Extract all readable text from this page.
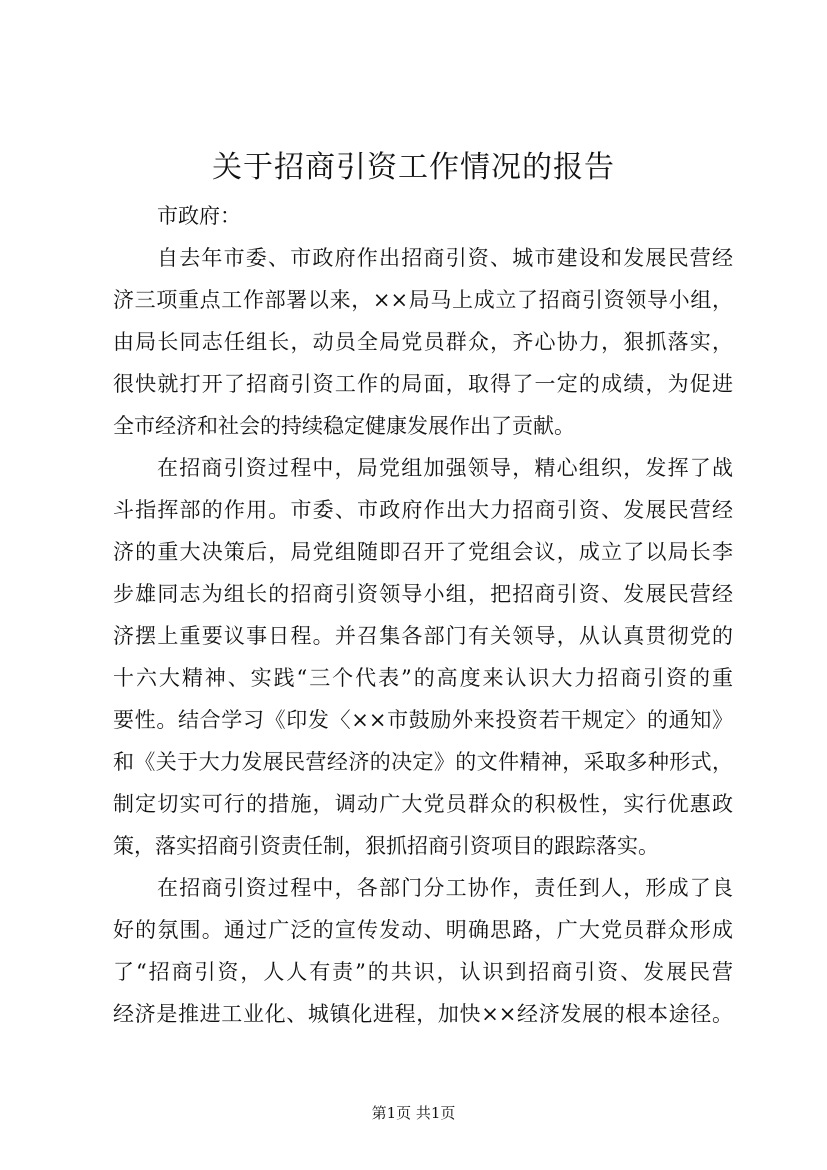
关于招商引资工作情况的报告
市政府：
自去年市委、市政府作出招商引资、城市建设和发展民营经
济三项重点工作部署以来，××局马上成立了招商引资领导小组，
由局长同志任组长，动员全局党员群众，齐心协力，狠抓落实，
很快就打开了招商引资工作的局面，取得了一定的成绩，为促进
全市经济和社会的持续稳定健康发展作出了贡献。
在招商引资过程中，局党组加强领导，精心组织，发挥了战
斗指挥部的作用。市委、市政府作出大力招商引资、发展民营经
济的重大决策后，局党组随即召开了党组会议，成立了以局长李
步雄同志为组长的招商引资领导小组，把招商引资、发展民营经
济摆上重要议事日程。并召集各部门有关领导，从认真贯彻党的
十六大精神、实践“三个代表”的高度来认识大力招商引资的重
要性。结合学习《印发〈××市鼓励外来投资若干规定〉的通知》
和《关于大力发展民营经济的决定》的文件精神，采取多种形式，
制定切实可行的措施，调动广大党员群众的积极性，实行优惠政
策，落实招商引资责任制，狠抓招商引资项目的跟踪落实。
在招商引资过程中，各部门分工协作，责任到人，形成了良
好的氛围。通过广泛的宣传发动、明确思路，广大党员群众形成
了“招商引资，人人有责”的共识，认识到招商引资、发展民营
经济是推进工业化、城镇化进程，加快××经济发展的根本途径。
第1页 共1页
